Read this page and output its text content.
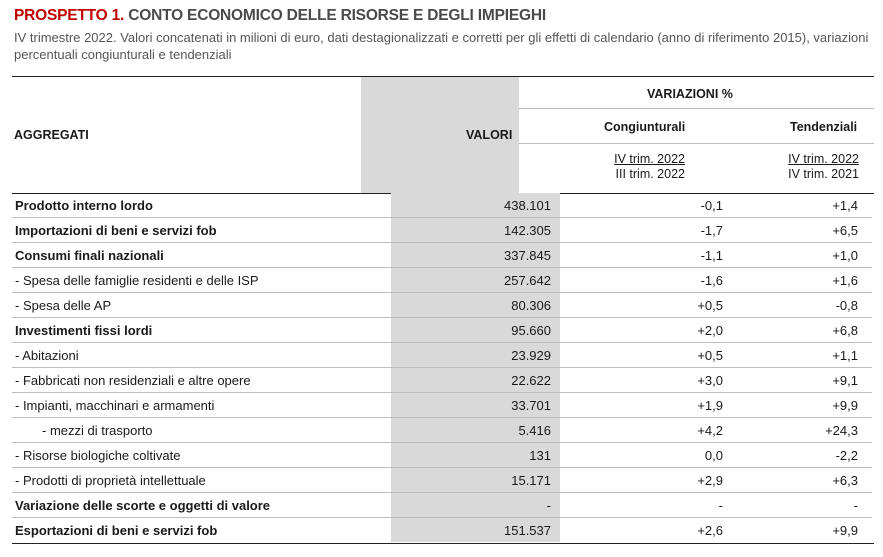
PROSPETTO 1. CONTO ECONOMICO DELLE RISORSE E DEGLI IMPIEGHI
IV trimestre 2022. Valori concatenati in milioni di euro, dati destagionalizzati e corretti per gli effetti di calendario (anno di riferimento 2015), variazioni percentuali congiunturali e tendenziali
AGGREGATI	VALORI
VARIAZIONI %
Congiunturali	Tendenziali
IV trim. 2022
III trim. 2022
IV trim. 2022
IV trim. 2021
Prodotto interno lordo	438.101	-0,1	+1,4
Importazioni di beni e servizi fob	142.305	-1,7	+6,5
Consumi finali nazionali	337.845	-1,1	+1,0
- Spesa delle famiglie residenti e delle ISP	257.642	-1,6	+1,6
- Spesa delle AP	80.306	+0,5	-0,8
Investimenti fissi lordi	95.660	+2,0	+6,8
- Abitazioni	23.929	+0,5	+1,1
- Fabbricati non residenziali e altre opere	22.622	+3,0	+9,1
- Impianti, macchinari e armamenti	33.701	+1,9	+9,9
- mezzi di trasporto	5.416	+4,2	+24,3
- Risorse biologiche coltivate	131	0,0	-2,2
- Prodotti di proprietà intellettuale	15.171	+2,9	+6,3
Variazione delle scorte e oggetti di valore	-	-	-
Esportazioni di beni e servizi fob	151.537	+2,6	+9,9
